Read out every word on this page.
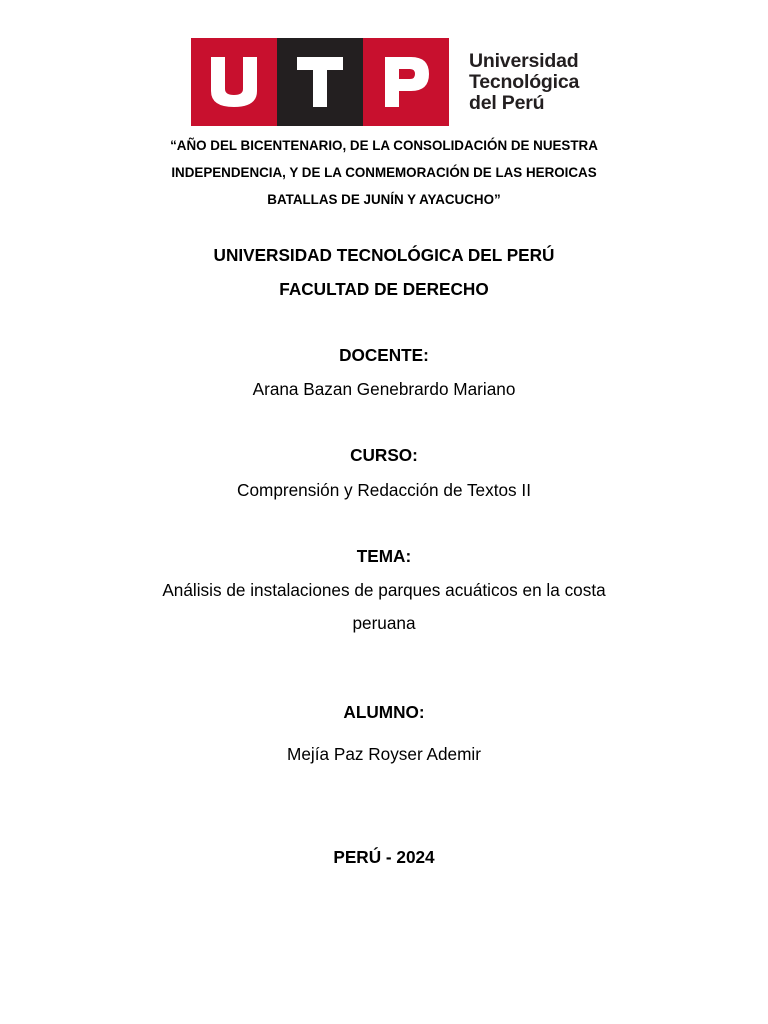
Universidad
Tecnológica
del Perú
“AÑO DEL BICENTENARIO, DE LA CONSOLIDACIÓN DE NUESTRA
INDEPENDENCIA, Y DE LA CONMEMORACIÓN DE LAS HEROICAS
BATALLAS DE JUNÍN Y AYACUCHO”
UNIVERSIDAD TECNOLÓGICA DEL PERÚ
FACULTAD DE DERECHO
DOCENTE:
Arana Bazan Genebrardo Mariano
CURSO:
Comprensión y Redacción de Textos II
TEMA:
Análisis de instalaciones de parques acuáticos en la costa
peruana
ALUMNO:
Mejía Paz Royser Ademir
PERÚ - 2024
